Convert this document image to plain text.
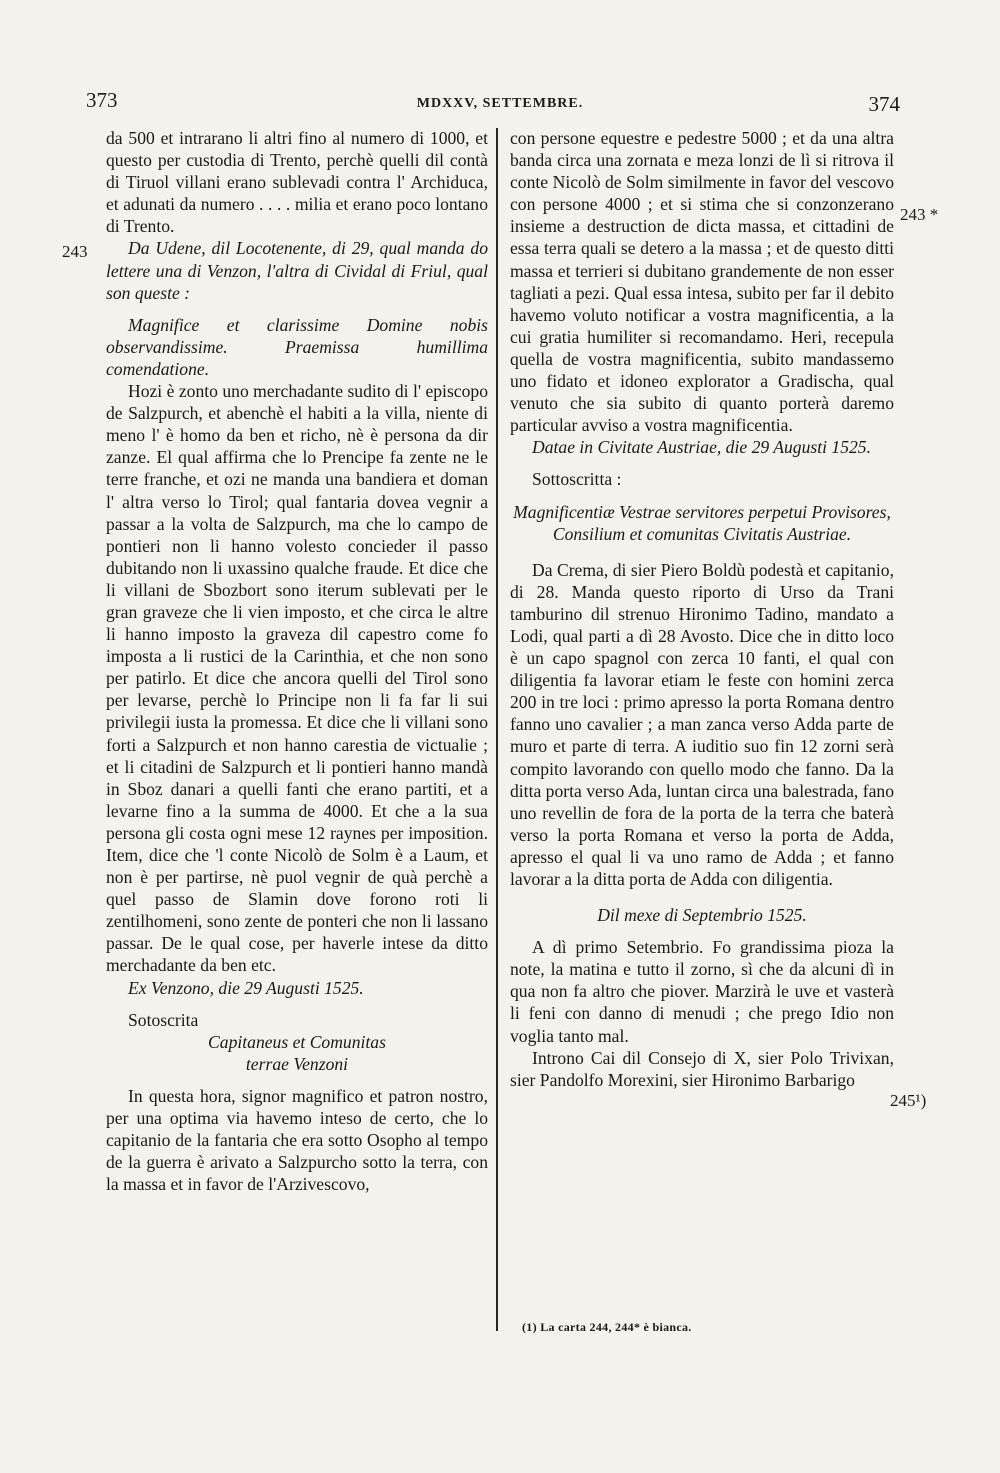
373	MDXXV, SETTEMBRE.	374
243
243 *
245¹)

da 500 et intrarano li altri fino al numero di 1000, et questo per custodia di Trento, perchè quelli dil contà di Tiruol villani erano sublevadi contra l' Archiduca, et adunati da numero . . . . milia et erano poco lontano di Trento.

Da Udene, dil Locotenente, di 29, qual manda do lettere una di Venzon, l'altra di Cividal di Friul, qual son queste :

Magnifice et clarissime Domine nobis observandissime. Praemissa humillima comendatione.

Hozi è zonto uno merchadante sudito di l' episcopo de Salzpurch, et abenchè el habiti a la villa, niente di meno l' è homo da ben et richo, nè è persona da dir zanze. El qual affirma che lo Prencipe fa zente ne le terre franche, et ozi ne manda una bandiera et doman l' altra verso lo Tirol; qual fantaria dovea vegnir a passar a la volta de Salzpurch, ma che lo campo de pontieri non li hanno volesto concieder il passo dubitando non li uxassino qualche fraude. Et dice che li villani de Sbozbort sono iterum sublevati per le gran graveze che li vien imposto, et che circa le altre li hanno imposto la graveza dil capestro come fo imposta a li rustici de la Carinthia, et che non sono per patirlo. Et dice che ancora quelli del Tirol sono per levarse, perchè lo Principe non li fa far li sui privilegii iusta la promessa. Et dice che li villani sono forti a Salzpurch et non hanno carestia de victualie ; et li citadini de Salzpurch et li pontieri hanno mandà in Sboz danari a quelli fanti che erano partiti, et a levarne fino a la summa de 4000. Et che a la sua persona gli costa ogni mese 12 raynes per imposition. Item, dice che 'l conte Nicolò de Solm è a Laum, et non è per partirse, nè puol vegnir de quà perchè a quel passo de Slamin dove forono roti li zentilhomeni, sono zente de ponteri che non li lassano passar. De le qual cose, per haverle intese da ditto merchadante da ben etc.

Ex Venzono, die 29 Augusti 1525.

Sotoscrita

Capitaneus et Comunitas

terrae Venzoni

In questa hora, signor magnifico et patron nostro, per una optima via havemo inteso de certo, che lo capitanio de la fantaria che era sotto Osopho al tempo de la guerra è arivato a Salzpurcho sotto la terra, con la massa et in favor de l'Arzivescovo,

con persone equestre e pedestre 5000 ; et da una altra banda circa una zornata e meza lonzi de lì si ritrova il conte Nicolò de Solm similmente in favor del vescovo con persone 4000 ; et si stima che si conzonzerano insieme a destruction de dicta massa, et cittadini de essa terra quali se detero a la massa ; et de questo ditti massa et terrieri si dubitano grandemente de non esser tagliati a pezi. Qual essa intesa, subito per far il debito havemo voluto notificar a vostra magnificentia, a la cui gratia humiliter si recomandamo. Heri, recepula quella de vostra magnificentia, subito mandassemo uno fidato et idoneo explorator a Gradischa, qual venuto che sia subito di quanto porterà daremo particular avviso a vostra magnificentia.

Datae in Civitate Austriae, die 29 Augusti 1525.

Sottoscritta :

Magnificentiæ Vestrae servitores perpetui Provisores, Consilium et comunitas Civitatis Austriae.

Da Crema, di sier Piero Boldù podestà et capitanio, di 28. Manda questo riporto di Urso da Trani tamburino dil strenuo Hironimo Tadino, mandato a Lodi, qual parti a dì 28 Avosto. Dice che in ditto loco è un capo spagnol con zerca 10 fanti, el qual con diligentia fa lavorar etiam le feste con homini zerca 200 in tre loci : primo apresso la porta Romana dentro fanno uno cavalier ; a man zanca verso Adda parte de muro et parte di terra. A iuditio suo fin 12 zorni serà compito lavorando con quello modo che fanno. Da la ditta porta verso Ada, luntan circa una balestrada, fano uno revellin de fora de la porta de la terra che baterà verso la porta Romana et verso la porta de Adda, apresso el qual li va uno ramo de Adda ; et fanno lavorar a la ditta porta de Adda con diligentia.

Dil mexe di Septembrio 1525.

A dì primo Setembrio. Fo grandissima pioza la note, la matina e tutto il zorno, sì che da alcuni dì in qua non fa altro che piover. Marzirà le uve et vasterà li feni con danno di menudi ; che prego Idio non voglia tanto mal.

Introno Cai dil Consejo di X, sier Polo Trivixan, sier Pandolfo Morexini, sier Hironimo Barbarigo

(1) La carta 244, 244* è bianca.
